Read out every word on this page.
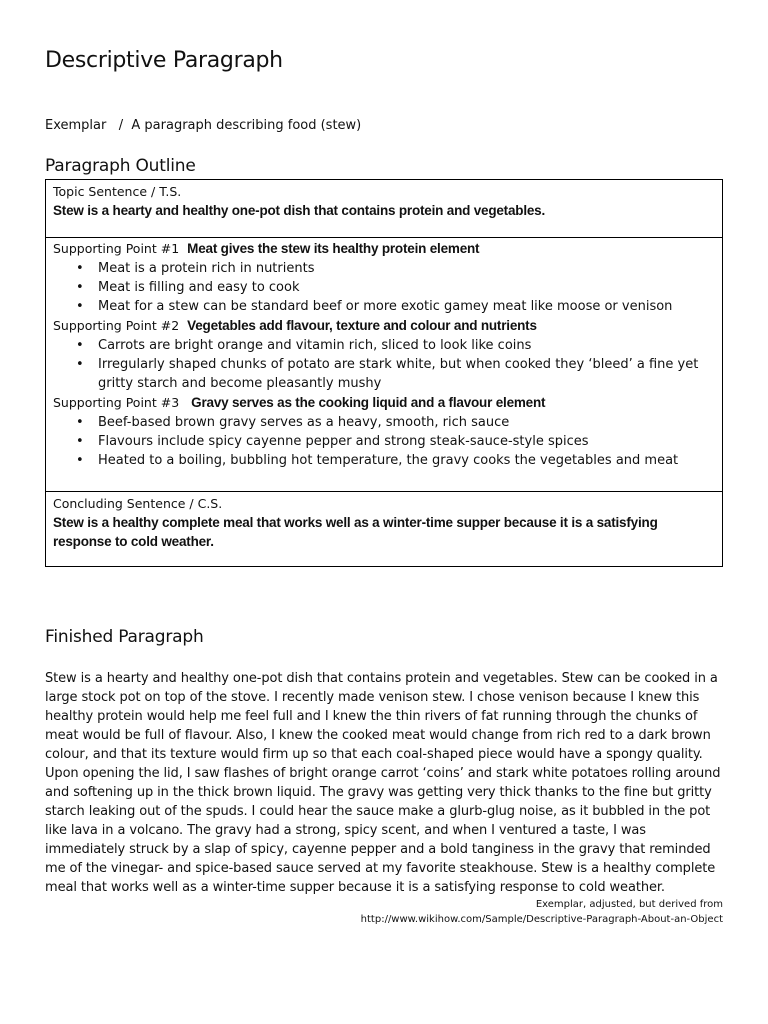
Descriptive Paragraph
Exemplar   /  A paragraph describing food (stew)
Paragraph Outline
Topic Sentence / T.S.
Stew is a hearty and healthy one-pot dish that contains protein and vegetables.
Supporting Point #1 Meat gives the stew its healthy protein element
• Meat is a protein rich in nutrients
• Meat is filling and easy to cook
• Meat for a stew can be standard beef or more exotic gamey meat like moose or venison
Supporting Point #2 Vegetables add flavour, texture and colour and nutrients
• Carrots are bright orange and vitamin rich, sliced to look like coins
• Irregularly shaped chunks of potato are stark white, but when cooked they ‘bleed’ a fine yet gritty starch and become pleasantly mushy
Supporting Point #3 Gravy serves as the cooking liquid and a flavour element
• Beef-based brown gravy serves as a heavy, smooth, rich sauce
• Flavours include spicy cayenne pepper and strong steak-sauce-style spices
• Heated to a boiling, bubbling hot temperature, the gravy cooks the vegetables and meat
Concluding Sentence / C.S.
Stew is a healthy complete meal that works well as a winter-time supper because it is a satisfying response to cold weather.
Finished Paragraph
Stew is a hearty and healthy one-pot dish that contains protein and vegetables. Stew can be cooked in a large stock pot on top of the stove. I recently made venison stew. I chose venison because I knew this healthy protein would help me feel full and I knew the thin rivers of fat running through the chunks of meat would be full of flavour. Also, I knew the cooked meat would change from rich red to a dark brown colour, and that its texture would firm up so that each coal-shaped piece would have a spongy quality. Upon opening the lid, I saw flashes of bright orange carrot ‘coins’ and stark white potatoes rolling around and softening up in the thick brown liquid. The gravy was getting very thick thanks to the fine but gritty starch leaking out of the spuds. I could hear the sauce make a glurb-glug noise, as it bubbled in the pot like lava in a volcano. The gravy had a strong, spicy scent, and when I ventured a taste, I was immediately struck by a slap of spicy, cayenne pepper and a bold tanginess in the gravy that reminded me of the vinegar- and spice-based sauce served at my favorite steakhouse. Stew is a healthy complete meal that works well as a winter-time supper because it is a satisfying response to cold weather.
Exemplar, adjusted, but derived from
http://www.wikihow.com/Sample/Descriptive-Paragraph-About-an-Object
